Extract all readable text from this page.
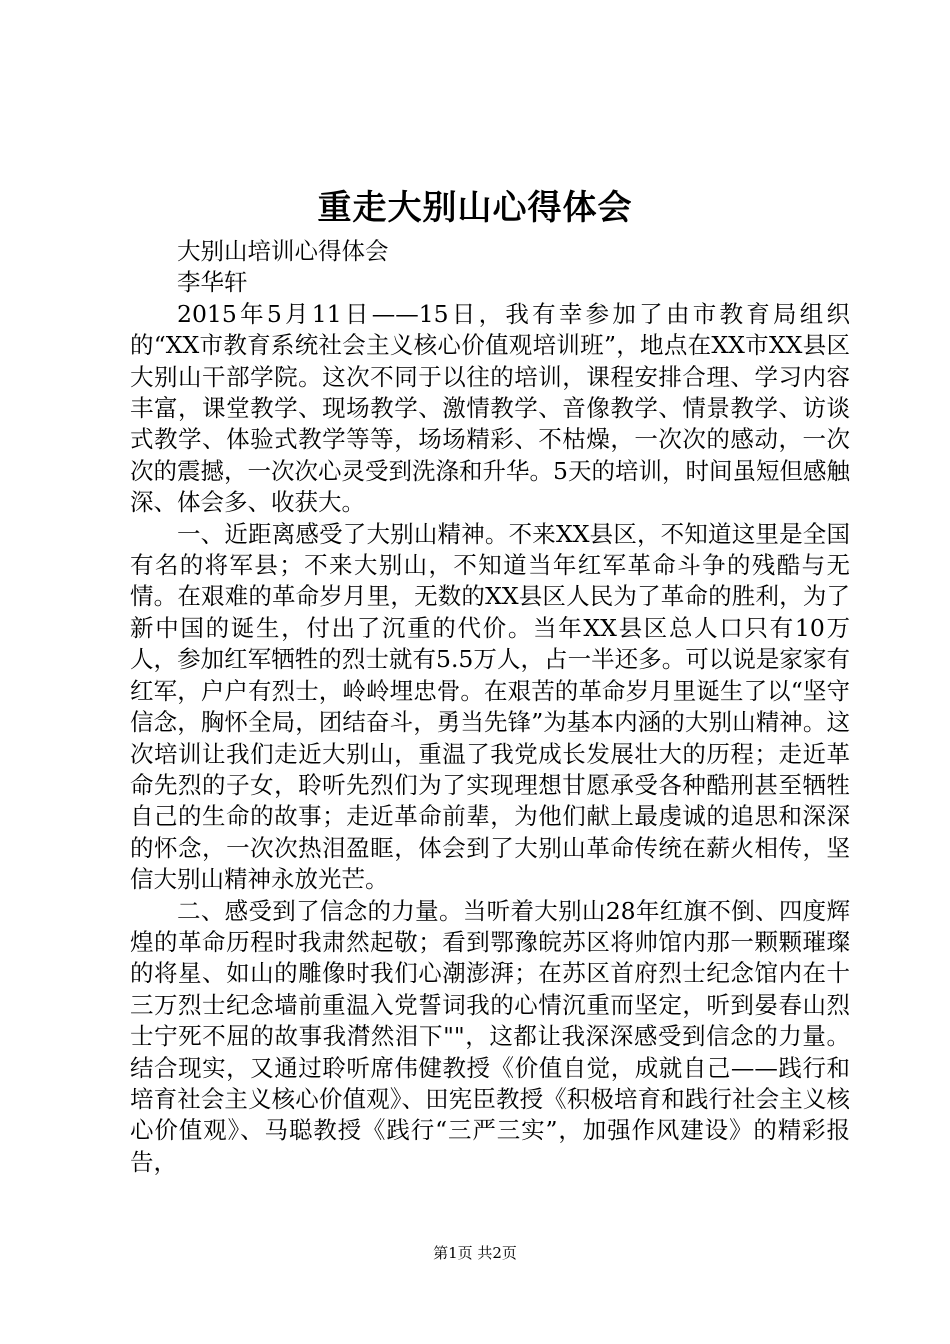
重走大别山心得体会

大别山培训心得体会

李华轩

2015年5月11日——15日，我有幸参加了由市教育局组织的“XX市教育系统社会主义核心价值观培训班”，地点在XX市XX县区大别山干部学院。这次不同于以往的培训，课程安排合理、学习内容丰富，课堂教学、现场教学、激情教学、音像教学、情景教学、访谈式教学、体验式教学等等，场场精彩、不枯燥，一次次的感动，一次次的震撼，一次次心灵受到洗涤和升华。5天的培训，时间虽短但感触深、体会多、收获大。

一、近距离感受了大别山精神。不来XX县区，不知道这里是全国有名的将军县；不来大别山，不知道当年红军革命斗争的残酷与无情。在艰难的革命岁月里，无数的XX县区人民为了革命的胜利，为了新中国的诞生，付出了沉重的代价。当年XX县区总人口只有10万人，参加红军牺牲的烈士就有5.5万人，占一半还多。可以说是家家有红军，户户有烈士，岭岭埋忠骨。在艰苦的革命岁月里诞生了以“坚守信念，胸怀全局，团结奋斗，勇当先锋”为基本内涵的大别山精神。这次培训让我们走近大别山，重温了我党成长发展壮大的历程；走近革命先烈的子女，聆听先烈们为了实现理想甘愿承受各种酷刑甚至牺牲自己的生命的故事；走近革命前辈，为他们献上最虔诚的追思和深深的怀念，一次次热泪盈眶，体会到了大别山革命传统在薪火相传，坚信大别山精神永放光芒。

二、感受到了信念的力量。当听着大别山28年红旗不倒、四度辉煌的革命历程时我肃然起敬；看到鄂豫皖苏区将帅馆内那一颗颗璀璨的将星、如山的雕像时我们心潮澎湃；在苏区首府烈士纪念馆内在十三万烈士纪念墙前重温入党誓词我的心情沉重而坚定，听到晏春山烈士宁死不屈的故事我潸然泪下""，这都让我深深感受到信念的力量。结合现实，又通过聆听席伟健教授《价值自觉，成就自己——践行和培育社会主义核心价值观》、田宪臣教授《积极培育和践行社会主义核心价值观》、马聪教授《践行“三严三实”，加强作风建设》的精彩报告，

第1页 共2页
